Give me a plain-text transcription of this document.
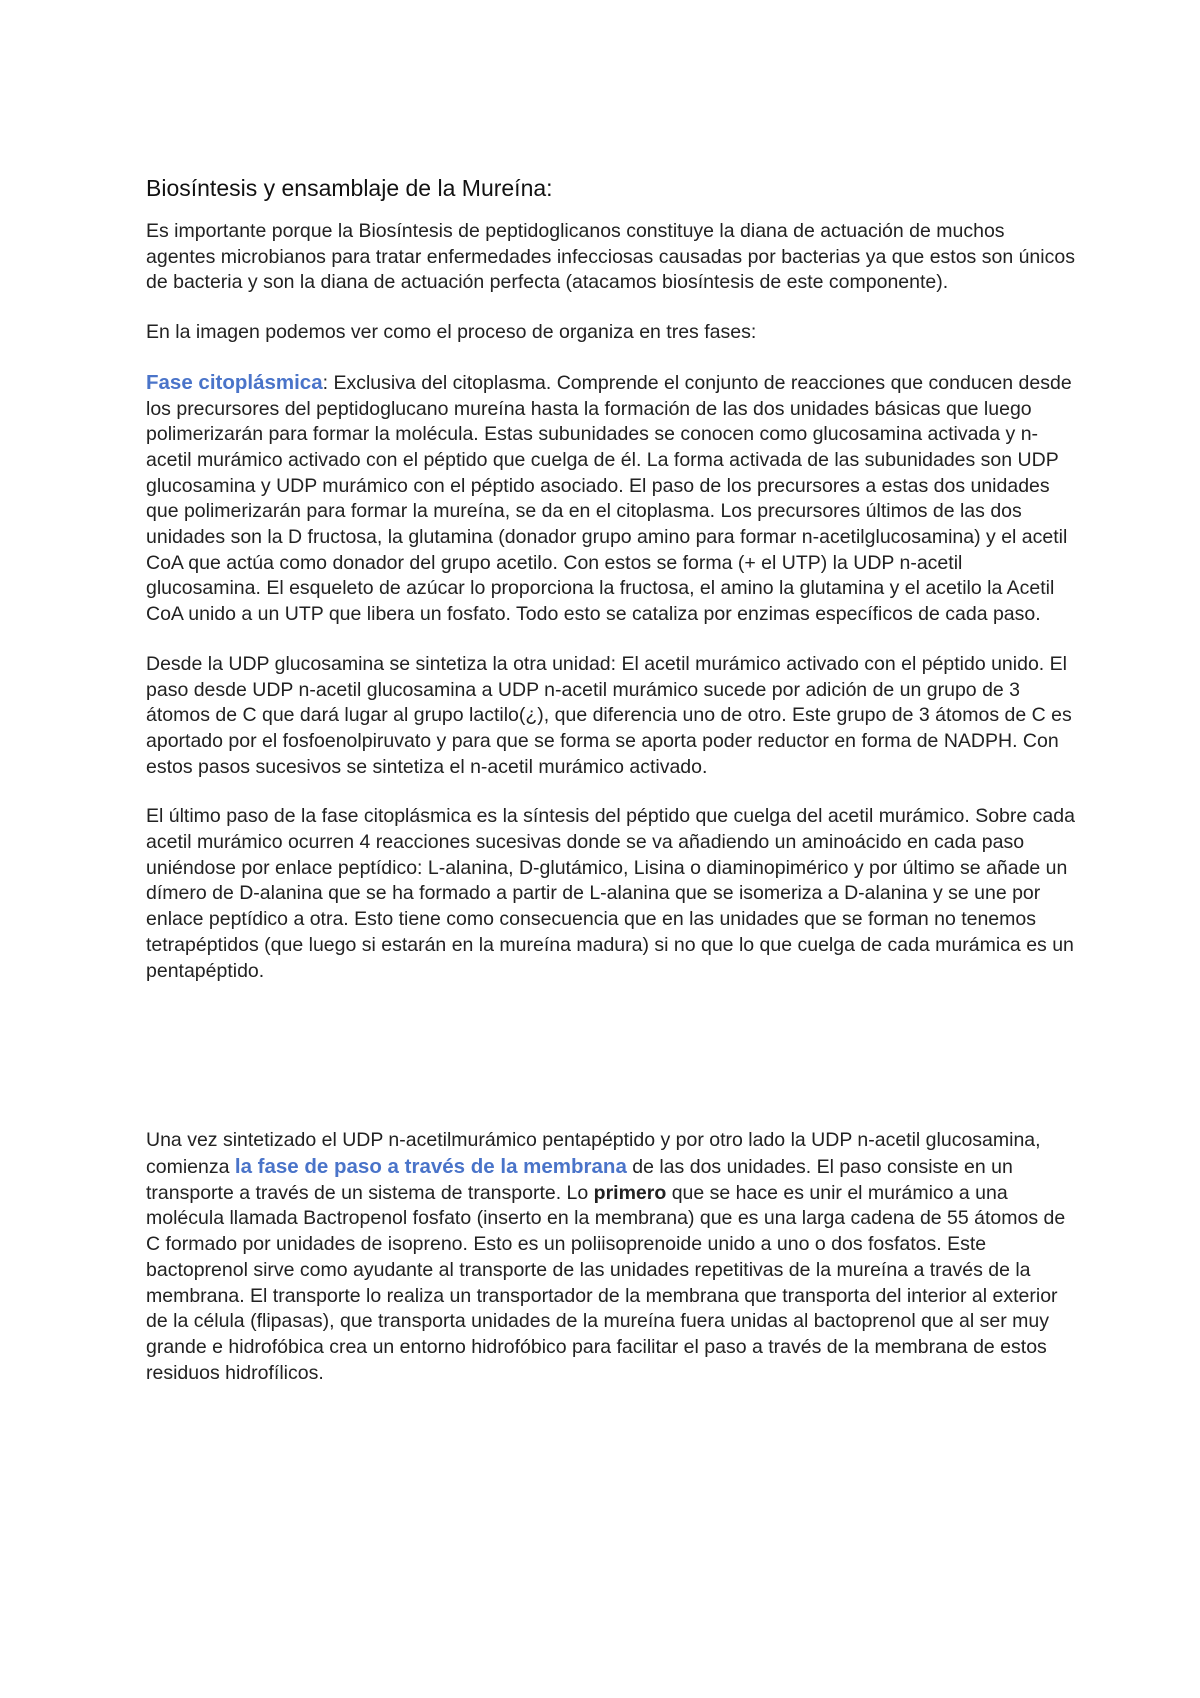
Biosíntesis y ensamblaje de la Mureína:

Es importante porque la Biosíntesis de peptidoglicanos constituye la diana de actuación de muchos agentes microbianos para tratar enfermedades infecciosas causadas por bacterias ya que estos son únicos de bacteria y son la diana de actuación perfecta (atacamos biosíntesis de este componente).

En la imagen podemos ver como el proceso de organiza en tres fases:

Fase citoplásmica: Exclusiva del citoplasma. Comprende el conjunto de reacciones que conducen desde los precursores del peptidoglucano mureína hasta la formación de las dos unidades básicas que luego polimerizarán para formar la molécula. Estas subunidades se conocen como glucosamina activada y n-acetil murámico activado con el péptido que cuelga de él. La forma activada de las subunidades son UDP glucosamina y UDP murámico con el péptido asociado. El paso de los precursores a estas dos unidades que polimerizarán para formar la mureína, se da en el citoplasma. Los precursores últimos de las dos unidades son la D fructosa, la glutamina (donador grupo amino para formar n-acetilglucosamina) y el acetil CoA que actúa como donador del grupo acetilo. Con estos se forma (+ el UTP) la UDP n-acetil glucosamina. El esqueleto de azúcar lo proporciona la fructosa, el amino la glutamina y el acetilo la Acetil CoA unido a un UTP que libera un fosfato. Todo esto se cataliza por enzimas específicos de cada paso.

Desde la UDP glucosamina se sintetiza la otra unidad: El acetil murámico activado con el péptido unido. El paso desde UDP n-acetil glucosamina a UDP n-acetil murámico sucede por adición de un grupo de 3 átomos de C que dará lugar al grupo lactilo(¿), que diferencia uno de otro. Este grupo de 3 átomos de C es aportado por el fosfoenolpiruvato y para que se forma se aporta poder reductor en forma de NADPH. Con estos pasos sucesivos se sintetiza el n-acetil murámico activado.

El último paso de la fase citoplásmica es la síntesis del péptido que cuelga del acetil murámico. Sobre cada acetil murámico ocurren 4 reacciones sucesivas donde se va añadiendo un aminoácido en cada paso uniéndose por enlace peptídico: L-alanina, D-glutámico, Lisina o diaminopimérico y por último se añade un dímero de D-alanina que se ha formado a partir de L-alanina que se isomeriza a D-alanina y se une por enlace peptídico a otra. Esto tiene como consecuencia que en las unidades que se forman no tenemos tetrapéptidos (que luego si estarán en la mureína madura) si no que lo que cuelga de cada murámica es un pentapéptido.

Una vez sintetizado el UDP n-acetilmurámico pentapéptido y por otro lado la UDP n-acetil glucosamina, comienza la fase de paso a través de la membrana de las dos unidades. El paso consiste en un transporte a través de un sistema de transporte. Lo primero que se hace es unir el murámico a una molécula llamada Bactropenol fosfato (inserto en la membrana) que es una larga cadena de 55 átomos de C formado por unidades de isopreno. Esto es un poliisoprenoide unido a uno o dos fosfatos. Este bactoprenol sirve como ayudante al transporte de las unidades repetitivas de la mureína a través de la membrana. El transporte lo realiza un transportador de la membrana que transporta del interior al exterior de la célula (flipasas), que transporta unidades de la mureína fuera unidas al bactoprenol que al ser muy grande e hidrofóbica crea un entorno hidrofóbico para facilitar el paso a través de la membrana de estos residuos hidrofílicos.
